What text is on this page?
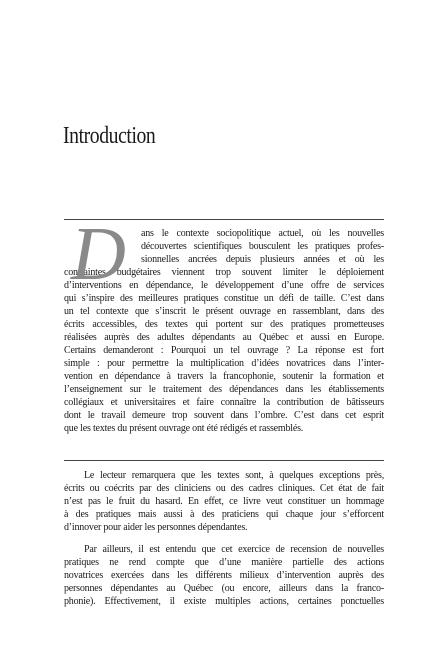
Introduction
D ans le contexte sociopolitique actuel, où les nouvelles
découvertes scientifiques bousculent les pratiques profes-
sionnelles ancrées depuis plusieurs années et où les
contraintes budgétaires viennent trop souvent limiter le déploiement
d’interventions en dépendance, le développement d’une offre de services
qui s’inspire des meilleures pratiques constitue un défi de taille. C’est dans
un tel contexte que s’inscrit le présent ouvrage en rassemblant, dans des
écrits accessibles, des textes qui portent sur des pratiques prometteuses
réalisées auprès des adultes dépendants au Québec et aussi en Europe.
Certains demanderont : Pourquoi un tel ouvrage ? La réponse est fort
simple : pour permettre la multiplication d’idées novatrices dans l’inter-
vention en dépendance à travers la francophonie, soutenir la formation et
l’enseignement sur le traitement des dépendances dans les établissements
collégiaux et universitaires et faire connaître la contribution de bâtisseurs
dont le travail demeure trop souvent dans l’ombre. C’est dans cet esprit
que les textes du présent ouvrage ont été rédigés et rassemblés.
Le lecteur remarquera que les textes sont, à quelques exceptions près,
écrits ou coécrits par des cliniciens ou des cadres cliniques. Cet état de fait
n’est pas le fruit du hasard. En effet, ce livre veut constituer un hommage
à des pratiques mais aussi à des praticiens qui chaque jour s’efforcent
d’innover pour aider les personnes dépendantes.
Par ailleurs, il est entendu que cet exercice de recension de nouvelles
pratiques ne rend compte que d’une manière partielle des actions
novatrices exercées dans les différents milieux d’intervention auprès des
personnes dépendantes au Québec (ou encore, ailleurs dans la franco-
phonie). Effectivement, il existe multiples actions, certaines ponctuelles
